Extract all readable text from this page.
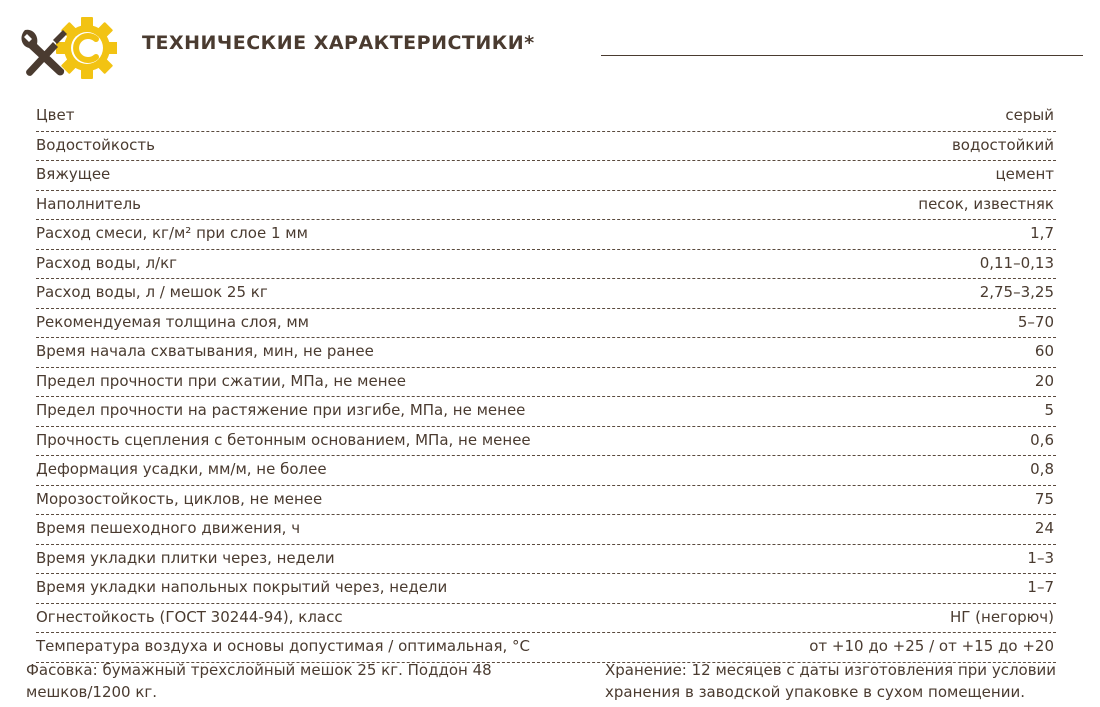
ТЕХНИЧЕСКИЕ ХАРАКТЕРИСТИКИ*
Цвет	серый
Водостойкость	водостойкий
Вяжущее	цемент
Наполнитель	песок, известняк
Расход смеси, кг/м² при слое 1 мм	1,7
Расход воды, л/кг	0,11–0,13
Расход воды, л / мешок 25 кг	2,75–3,25
Рекомендуемая толщина слоя, мм	5–70
Время начала схватывания, мин, не ранее	60
Предел прочности при сжатии, МПа, не менее	20
Предел прочности на растяжение при изгибе, МПа, не менее	5
Прочность сцепления с бетонным основанием, МПа, не менее	0,6
Деформация усадки, мм/м, не более	0,8
Морозостойкость, циклов, не менее	75
Время пешеходного движения, ч	24
Время укладки плитки через, недели	1–3
Время укладки напольных покрытий через, недели	1–7
Огнестойкость (ГОСТ 30244-94), класс	НГ (негорюч)
Температура воздуха и основы допустимая / оптимальная, °С	от +10 до +25 / от +15 до +20
Фасовка: бумажный трехслойный мешок 25 кг. Поддон 48 мешков/1200 кг.
Хранение: 12 месяцев с даты изготовления при условии хранения в заводской упаковке в сухом помещении.
